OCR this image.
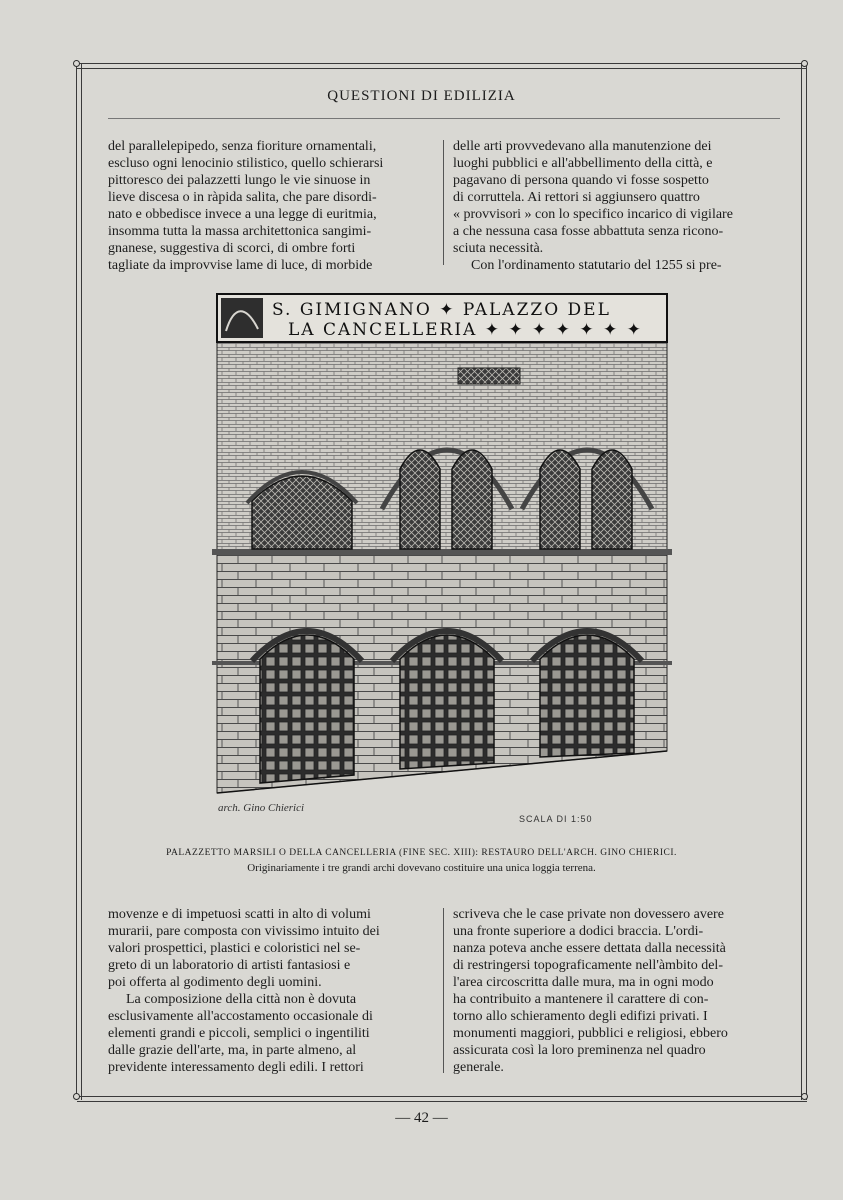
QUESTIONI DI EDILIZIA

del parallelepipedo, senza fioriture ornamentali,

escluso ogni lenocinio stilistico, quello schierarsi

pittoresco dei palazzetti lungo le vie sinuose in

lieve discesa o in ràpida salita, che pare disordi-

nato e obbedisce invece a una legge di euritmia,

insomma tutta la massa architettonica sangimi-

gnanese, suggestiva di scorci, di ombre forti

tagliate da improvvise lame di luce, di morbide

delle arti provvedevano alla manutenzione dei

luoghi pubblici e all'abbellimento della città, e

pagavano di persona quando vi fosse sospetto

di corruttela. Ai rettori si aggiunsero quattro

« provvisori » con lo specifico incarico di vigilare

a che nessuna casa fosse abbattuta senza ricono-

sciuta necessità.

Con l'ordinamento statutario del 1255 si pre-

S. GIMIGNANO ✦ PALAZZO DEL
LA CANCELLERIA ✦ ✦ ✦ ✦ ✦ ✦ ✦
arch. Gino Chierici
SCALA DI 1:50
PALAZZETTO MARSILI O DELLA CANCELLERIA (FINE SEC. XIII): RESTAURO DELL'ARCH. GINO CHIERICI.
Originariamente i tre grandi archi dovevano costituire una unica loggia terrena.

movenze e di impetuosi scatti in alto di volumi

murarii, pare composta con vivissimo intuito dei

valori prospettici, plastici e coloristici nel se-

greto di un laboratorio di artisti fantasiosi e

poi offerta al godimento degli uomini.

La composizione della città non è dovuta

esclusivamente all'accostamento occasionale di

elementi grandi e piccoli, semplici o ingentiliti

dalle grazie dell'arte, ma, in parte almeno, al

previdente interessamento degli edili. I rettori

scriveva che le case private non dovessero avere

una fronte superiore a dodici braccia. L'ordi-

nanza poteva anche essere dettata dalla necessità

di restringersi topograficamente nell'àmbito del-

l'area circoscritta dalle mura, ma in ogni modo

ha contribuito a mantenere il carattere di con-

torno allo schieramento degli edifizi privati. I

monumenti maggiori, pubblici e religiosi, ebbero

assicurata così la loro preminenza nel quadro

generale.

— 42 —
